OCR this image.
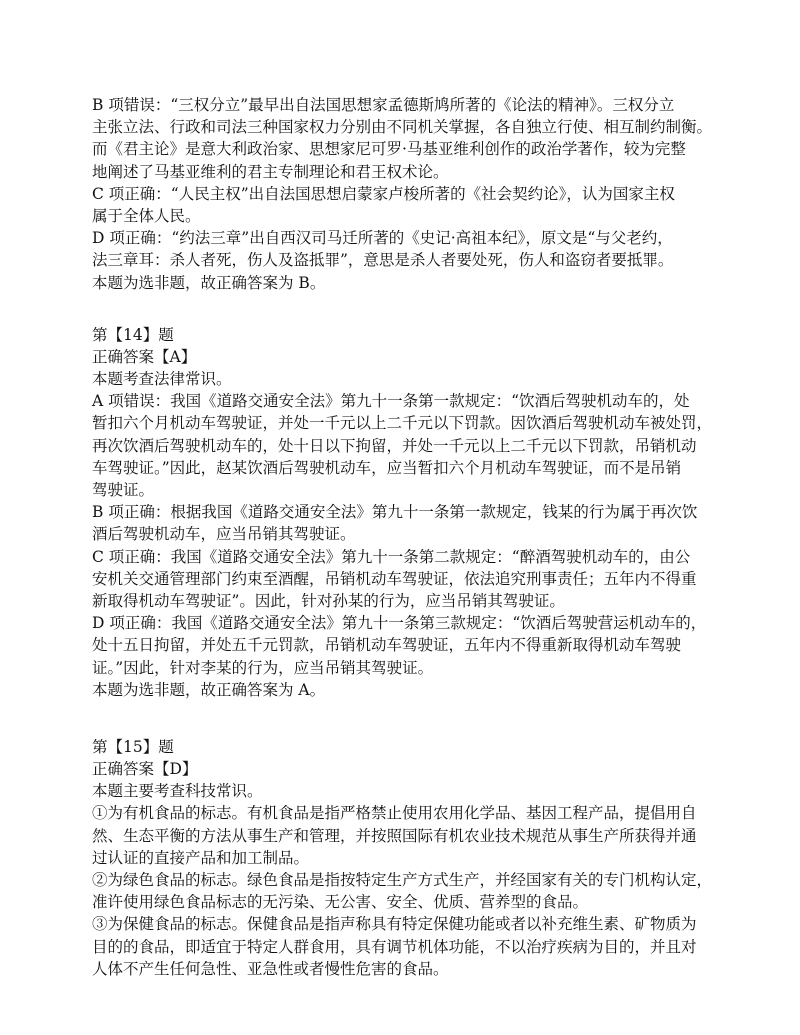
B 项错误：“三权分立”最早出自法国思想家孟德斯鸠所著的《论法的精神》。三权分立
主张立法、行政和司法三种国家权力分别由不同机关掌握，各自独立行使、相互制约制衡。
而《君主论》是意大利政治家、思想家尼可罗·马基亚维利创作的政治学著作，较为完整
地阐述了马基亚维利的君主专制理论和君王权术论。
C 项正确：“人民主权”出自法国思想启蒙家卢梭所著的《社会契约论》，认为国家主权
属于全体人民。
D 项正确：“约法三章”出自西汉司马迁所著的《史记·高祖本纪》，原文是“与父老约，
法三章耳：杀人者死，伤人及盗抵罪”，意思是杀人者要处死，伤人和盗窃者要抵罪。
本题为选非题，故正确答案为 B。
第【14】题
正确答案【A】
本题考查法律常识。
A 项错误：我国《道路交通安全法》第九十一条第一款规定：“饮酒后驾驶机动车的，处
暂扣六个月机动车驾驶证，并处一千元以上二千元以下罚款。因饮酒后驾驶机动车被处罚，
再次饮酒后驾驶机动车的，处十日以下拘留，并处一千元以上二千元以下罚款，吊销机动
车驾驶证。”因此，赵某饮酒后驾驶机动车，应当暂扣六个月机动车驾驶证，而不是吊销
驾驶证。
B 项正确：根据我国《道路交通安全法》第九十一条第一款规定，钱某的行为属于再次饮
酒后驾驶机动车，应当吊销其驾驶证。
C 项正确：我国《道路交通安全法》第九十一条第二款规定：“醉酒驾驶机动车的，由公
安机关交通管理部门约束至酒醒，吊销机动车驾驶证，依法追究刑事责任；五年内不得重
新取得机动车驾驶证”。因此，针对孙某的行为，应当吊销其驾驶证。
D 项正确：我国《道路交通安全法》第九十一条第三款规定：“饮酒后驾驶营运机动车的，
处十五日拘留，并处五千元罚款，吊销机动车驾驶证，五年内不得重新取得机动车驾驶
证。”因此，针对李某的行为，应当吊销其驾驶证。
本题为选非题，故正确答案为 A。
第【15】题
正确答案【D】
本题主要考查科技常识。
①为有机食品的标志。有机食品是指严格禁止使用农用化学品、基因工程产品，提倡用自
然、生态平衡的方法从事生产和管理，并按照国际有机农业技术规范从事生产所获得并通
过认证的直接产品和加工制品。
②为绿色食品的标志。绿色食品是指按特定生产方式生产，并经国家有关的专门机构认定，
准许使用绿色食品标志的无污染、无公害、安全、优质、营养型的食品。
③为保健食品的标志。保健食品是指声称具有特定保健功能或者以补充维生素、矿物质为
目的的食品，即适宜于特定人群食用，具有调节机体功能，不以治疗疾病为目的，并且对
人体不产生任何急性、亚急性或者慢性危害的食品。
